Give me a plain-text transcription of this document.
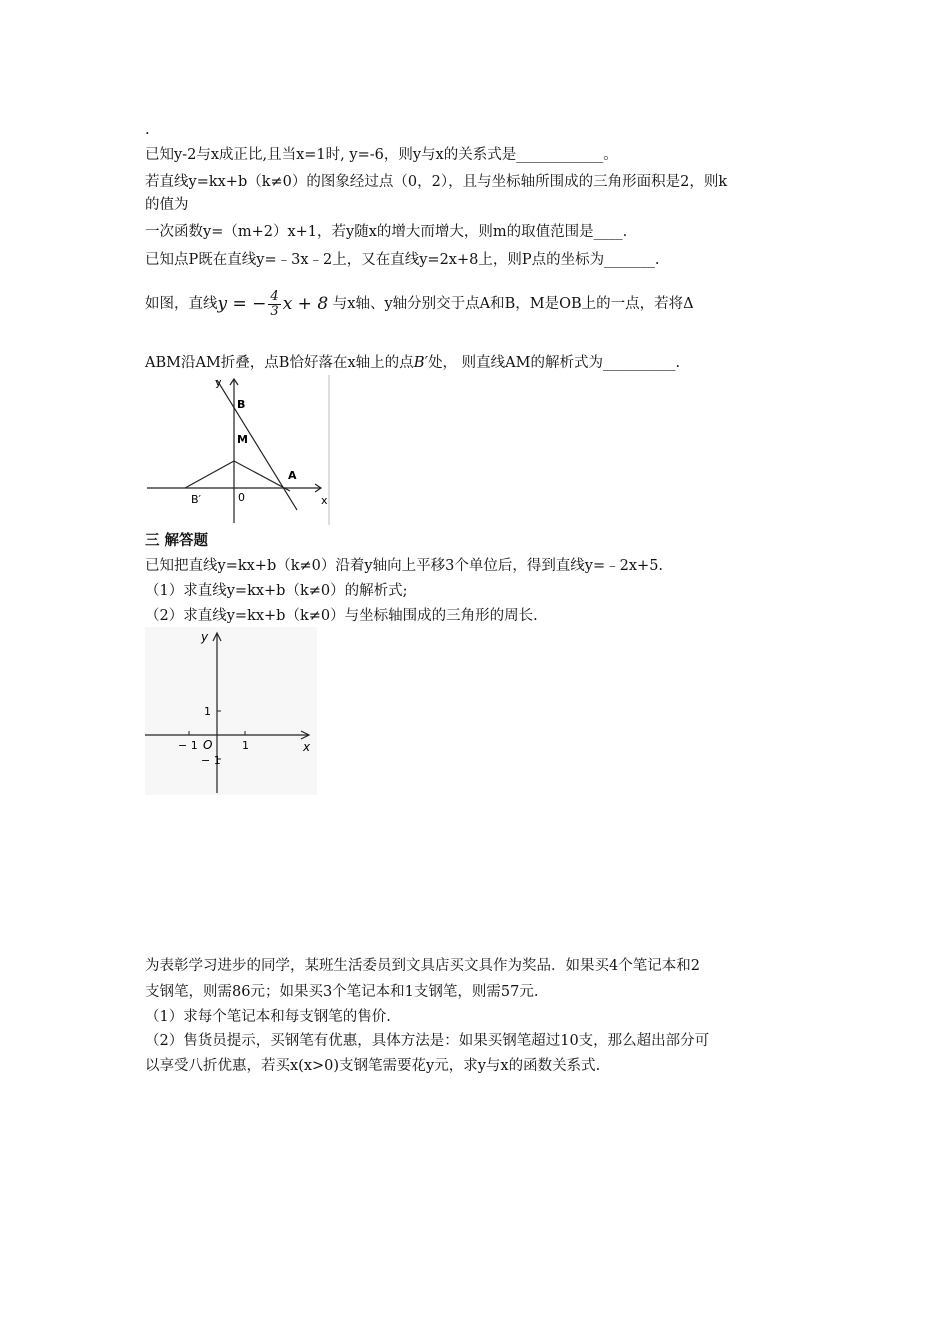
.
已知y-2与x成正比,且当x=1时, y=-6，则y与x的关系式是____________。
若直线y=kx+b（k≠0）的图象经过点（0，2），且与坐标轴所围成的三角形面积是2，则k
的值为
一次函数y=（m+2）x+1，若y随x的增大而增大，则m的取值范围是____.
已知点P既在直线y=﹣3x﹣2上，又在直线y=2x+8上，则P点的坐标为_______.
如图，直线y = − $\frac{4}{3}$ x + 8 与x轴、y轴分别交于点A和B，M是OB上的一点，若将Δ
ABM沿AM折叠，点B恰好落在x轴上的点B′处， 则直线AM的解析式为__________.
y
B
M
A
B′	0	x
三 解答题
已知把直线y=kx+b（k≠0）沿着y轴向上平移3个单位后，得到直线y=﹣2x+5.
（1）求直线y=kx+b（k≠0）的解析式;
（2）求直线y=kx+b（k≠0）与坐标轴围成的三角形的周长.
y
1
− 1 O	1
− 1
x
为表彰学习进步的同学，某班生活委员到文具店买文具作为奖品．如果买4个笔记本和2
支钢笔，则需86元；如果买3个笔记本和1支钢笔，则需57元.
（1）求每个笔记本和每支钢笔的售价.
（2）售货员提示，买钢笔有优惠，具体方法是：如果买钢笔超过10支，那么超出部分可
以享受八折优惠，若买x(x>0)支钢笔需要花y元，求y与x的函数关系式.
